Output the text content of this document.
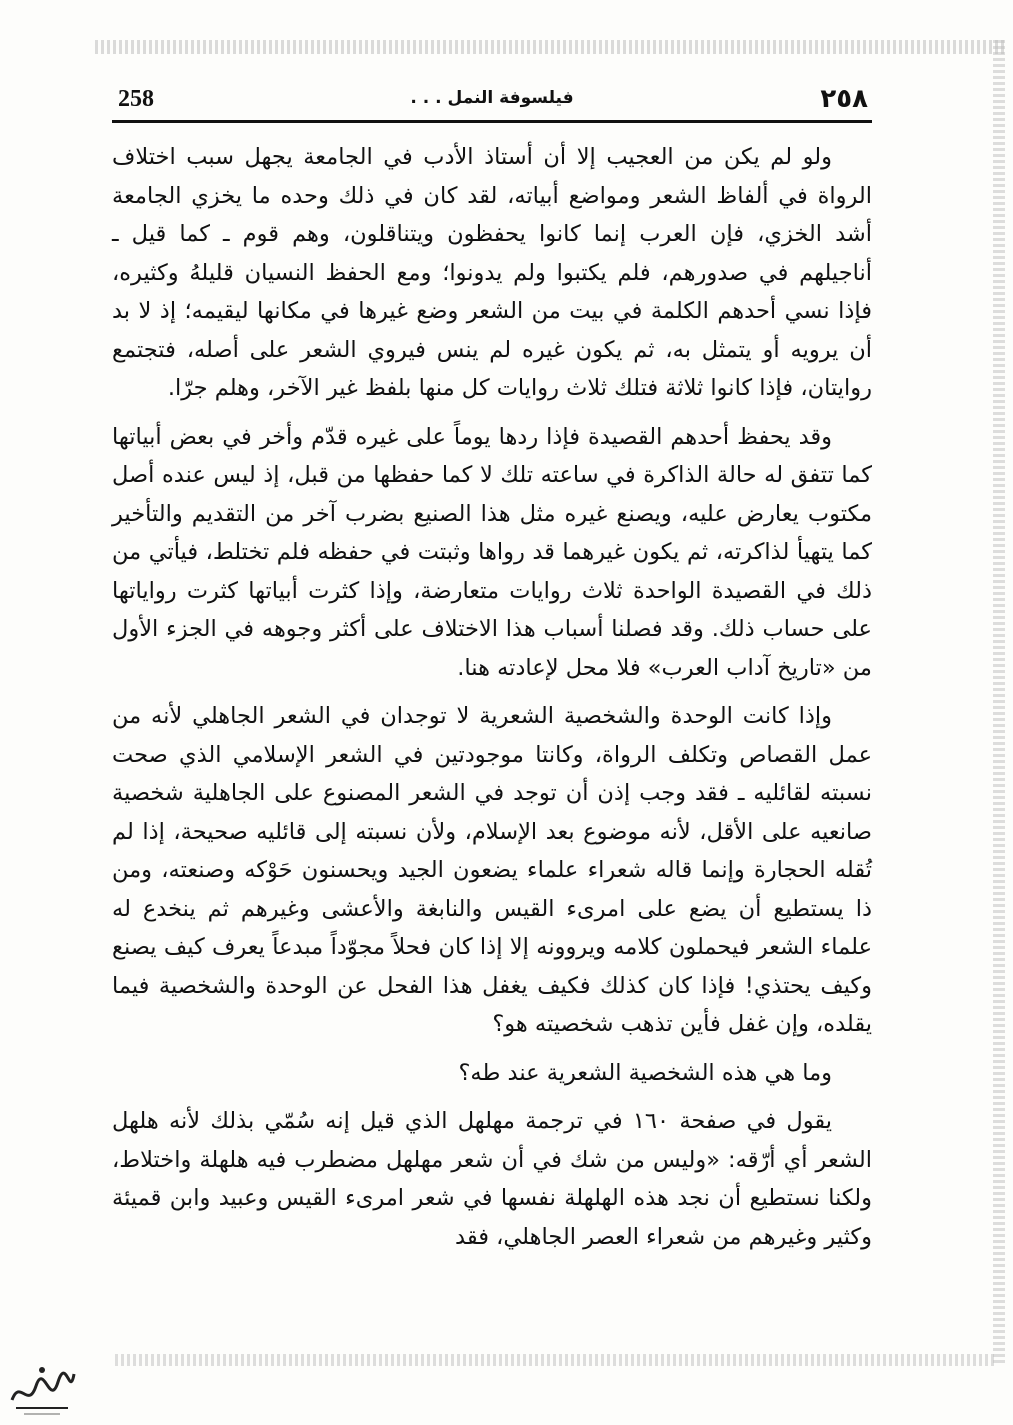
258	فيلسوفة النمل . . .	٢٥٨

ولو لم يكن من العجيب إلا أن أستاذ الأدب في الجامعة يجهل سبب اختلاف الرواة في ألفاظ الشعر ومواضع أبياته، لقد كان في ذلك وحده ما يخزي الجامعة أشد الخزي، فإن العرب إنما كانوا يحفظون ويتناقلون، وهم قوم ـ كما قيل ـ أناجيلهم في صدورهم، فلم يكتبوا ولم يدونوا؛ ومع الحفظ النسيان قليلهُ وكثيره، فإذا نسي أحدهم الكلمة في بيت من الشعر وضع غيرها في مكانها ليقيمه؛ إذ لا بد أن يرويه أو يتمثل به، ثم يكون غيره لم ينس فيروي الشعر على أصله، فتجتمع روايتان، فإذا كانوا ثلاثة فتلك ثلاث روايات كل منها بلفظ غير الآخر، وهلم جرّا.

وقد يحفظ أحدهم القصيدة فإذا ردها يوماً على غيره قدّم وأخر في بعض أبياتها كما تتفق له حالة الذاكرة في ساعته تلك لا كما حفظها من قبل، إذ ليس عنده أصل مكتوب يعارض عليه، ويصنع غيره مثل هذا الصنيع بضرب آخر من التقديم والتأخير كما يتهيأ لذاكرته، ثم يكون غيرهما قد رواها وثبتت في حفظه فلم تختلط، فيأتي من ذلك في القصيدة الواحدة ثلاث روايات متعارضة، وإذا كثرت أبياتها كثرت رواياتها على حساب ذلك. وقد فصلنا أسباب هذا الاختلاف على أكثر وجوهه في الجزء الأول من «تاريخ آداب العرب» فلا محل لإعادته هنا.

وإذا كانت الوحدة والشخصية الشعرية لا توجدان في الشعر الجاهلي لأنه من عمل القصاص وتكلف الرواة، وكانتا موجودتين في الشعر الإسلامي الذي صحت نسبته لقائليه ـ فقد وجب إذن أن توجد في الشعر المصنوع على الجاهلية شخصية صانعيه على الأقل، لأنه موضوع بعد الإسلام، ولأن نسبته إلى قائليه صحيحة، إذا لم تُقله الحجارة وإنما قاله شعراء علماء يضعون الجيد ويحسنون حَوْكه وصنعته، ومن ذا يستطيع أن يضع على امرىء القيس والنابغة والأعشى وغيرهم ثم ينخدع له علماء الشعر فيحملون كلامه ويروونه إلا إذا كان فحلاً مجوّداً مبدعاً يعرف كيف يصنع وكيف يحتذي! فإذا كان كذلك فكيف يغفل هذا الفحل عن الوحدة والشخصية فيما يقلده، وإن غفل فأين تذهب شخصيته هو؟

وما هي هذه الشخصية الشعرية عند طه؟

يقول في صفحة ١٦٠ في ترجمة مهلهل الذي قيل إنه سُمّي بذلك لأنه هلهل الشعر أي أرّقه: «وليس من شك في أن شعر مهلهل مضطرب فيه هلهلة واختلاط، ولكنا نستطيع أن نجد هذه الهلهلة نفسها في شعر امرىء القيس وعبيد وابن قميئة وكثير وغيرهم من شعراء العصر الجاهلي، فقد
